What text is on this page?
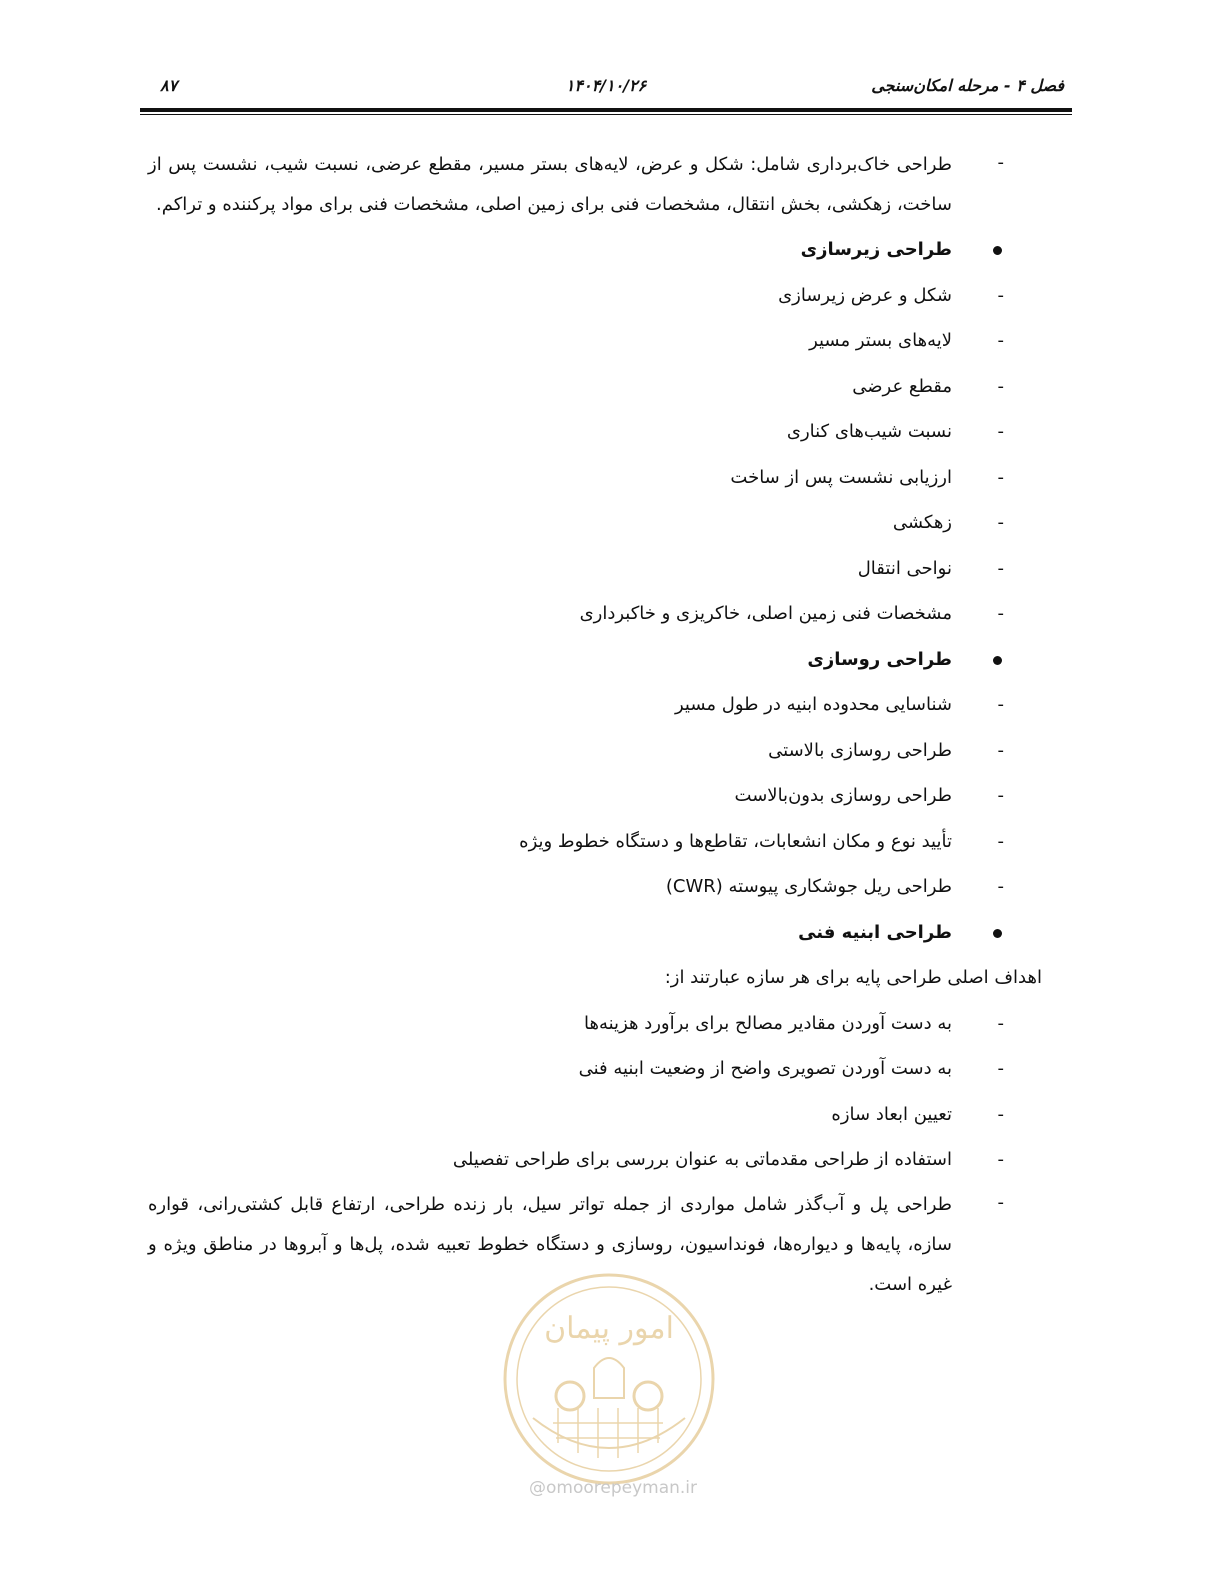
۸۷	۱۴۰۴/۱۰/۲۶	فصل ۴ - مرحله امکان‌سنجی
-
طراحی خاک‌برداری شامل: شکل و عرض، لایه‌های بستر مسیر، مقطع عرضی، نسبت شیب، نشست پس از ساخت، زهکشی، بخش انتقال، مشخصات فنی برای زمین اصلی، مشخصات فنی برای مواد پرکننده و تراکم.
طراحی زیرسازی
-
شکل و عرض زیرسازی
-
لایه‌های بستر مسیر
-
مقطع عرضی
-
نسبت شیب‌های کناری
-
ارزیابی نشست پس از ساخت
-
زهکشی
-
نواحی انتقال
-
مشخصات فنی زمین اصلی، خاکریزی و خاکبرداری
طراحی روسازی
-
شناسایی محدوده ابنیه در طول مسیر
-
طراحی روسازی بالاستی
-
طراحی روسازی بدون‌بالاست
-
تأیید نوع و مکان انشعابات، تقاطع‌ها و دستگاه خطوط ویژه
-
طراحی ریل جوشکاری پیوسته (CWR)
طراحی ابنیه فنی
اهداف اصلی طراحی پایه برای هر سازه عبارتند از:
-
به دست آوردن مقادیر مصالح برای برآورد هزینه‌ها
-
به دست آوردن تصویری واضح از وضعیت ابنیه فنی
-
تعیین ابعاد سازه
-
استفاده از طراحی مقدماتی به عنوان بررسی برای طراحی تفصیلی
-
طراحی پل و آب‌گذر شامل مواردی از جمله تواتر سیل، بار زنده طراحی، ارتفاع قابل کشتی‌رانی، قواره سازه، پایه‌ها و دیواره‌ها، فونداسیون، روسازی و دستگاه خطوط تعبیه شده، پل‌ها و آبروها در مناطق ویژه و غیره است.
امور پیمان
@omoorepeyman.ir
